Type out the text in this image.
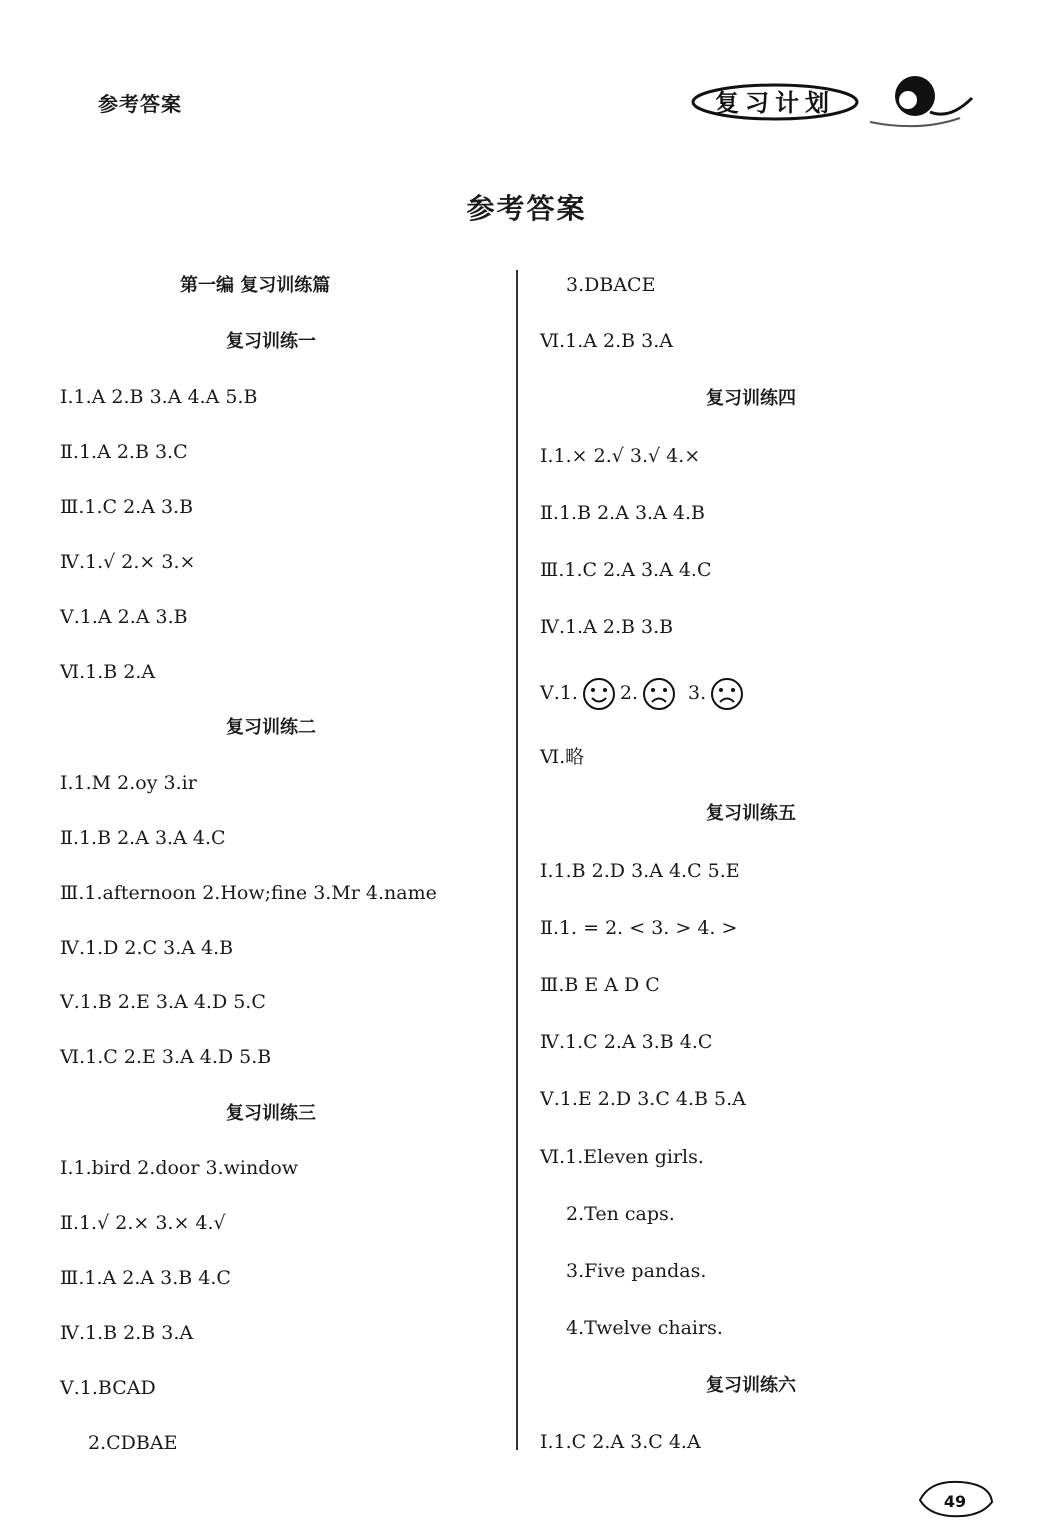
参考答案	复习计划
参考答案
第一编 复习训练篇
复习训练一
Ⅰ.1.A 2.B 3.A 4.A 5.B
Ⅱ.1.A 2.B 3.C
Ⅲ.1.C 2.A 3.B
Ⅳ.1.√ 2.× 3.×
Ⅴ.1.A 2.A 3.B
Ⅵ.1.B 2.A
复习训练二
Ⅰ.1.M 2.oy 3.ir
Ⅱ.1.B 2.A 3.A 4.C
Ⅲ.1.afternoon 2.How;fine 3.Mr 4.name
Ⅳ.1.D 2.C 3.A 4.B
Ⅴ.1.B 2.E 3.A 4.D 5.C
Ⅵ.1.C 2.E 3.A 4.D 5.B
复习训练三
Ⅰ.1.bird 2.door 3.window
Ⅱ.1.√ 2.× 3.× 4.√
Ⅲ.1.A 2.A 3.B 4.C
Ⅳ.1.B 2.B 3.A
Ⅴ.1.BCAD
2.CDBAE
3.DBACE
Ⅵ.1.A 2.B 3.A
复习训练四
Ⅰ.1.× 2.√ 3.√ 4.×
Ⅱ.1.B 2.A 3.A 4.B
Ⅲ.1.C 2.A 3.A 4.C
Ⅳ.1.A 2.B 3.B
Ⅴ.1. 2.	3.
Ⅵ.略
复习训练五
Ⅰ.1.B 2.D 3.A 4.C 5.E
Ⅱ.1. = 2. < 3. > 4. >
Ⅲ.B E A D C
Ⅳ.1.C 2.A 3.B 4.C
Ⅴ.1.E 2.D 3.C 4.B 5.A
Ⅵ.1.Eleven girls.
2.Ten caps.
3.Five pandas.
4.Twelve chairs.
复习训练六
Ⅰ.1.C 2.A 3.C 4.A
49
